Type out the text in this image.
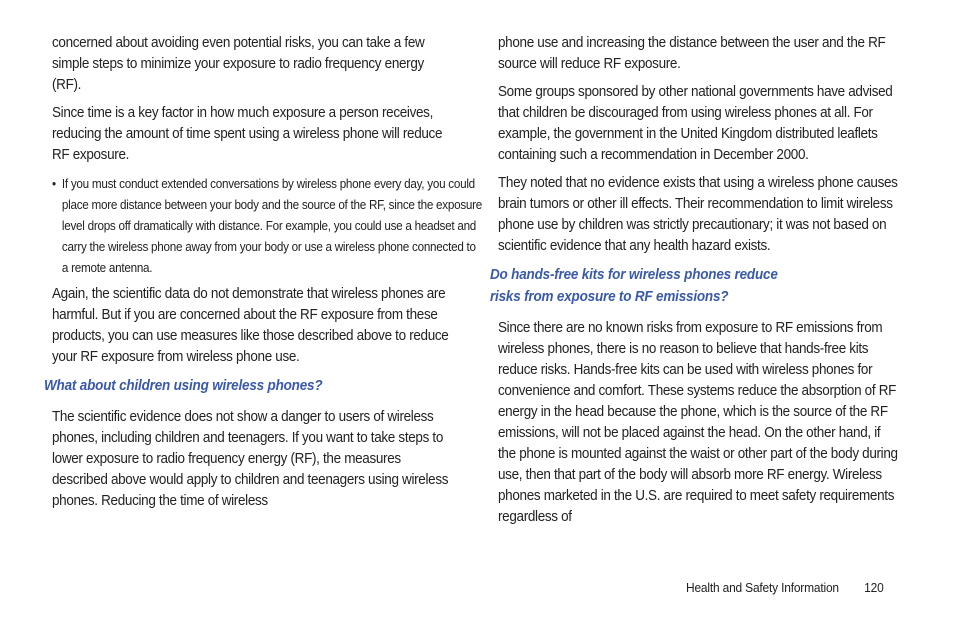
concerned about avoiding even potential risks, you can take a few simple steps to minimize your exposure to radio frequency energy (RF).

Since time is a key factor in how much exposure a person receives, reducing the amount of time spent using a wireless phone will reduce RF exposure.

• If you must conduct extended conversations by wireless phone every day, you could place more distance between your body and the source of the RF, since the exposure level drops off dramatically with distance. For example, you could use a headset and carry the wireless phone away from your body or use a wireless phone connected to a remote antenna.

Again, the scientific data do not demonstrate that wireless phones are harmful. But if you are concerned about the RF exposure from these products, you can use measures like those described above to reduce your RF exposure from wireless phone use.

What about children using wireless phones?

The scientific evidence does not show a danger to users of wireless phones, including children and teenagers. If you want to take steps to lower exposure to radio frequency energy (RF), the measures described above would apply to children and teenagers using wireless phones. Reducing the time of wireless

phone use and increasing the distance between the user and the RF source will reduce RF exposure.

Some groups sponsored by other national governments have advised that children be discouraged from using wireless phones at all. For example, the government in the United Kingdom distributed leaflets containing such a recommendation in December 2000.

They noted that no evidence exists that using a wireless phone causes brain tumors or other ill effects. Their recommendation to limit wireless phone use by children was strictly precautionary; it was not based on scientific evidence that any health hazard exists.

Do hands-free kits for wireless phones reduce
risks from exposure to RF emissions?

Since there are no known risks from exposure to RF emissions from wireless phones, there is no reason to believe that hands-free kits reduce risks. Hands-free kits can be used with wireless phones for convenience and comfort. These systems reduce the absorption of RF energy in the head because the phone, which is the source of the RF emissions, will not be placed against the head. On the other hand, if the phone is mounted against the waist or other part of the body during use, then that part of the body will absorb more RF energy. Wireless phones marketed in the U.S. are required to meet safety requirements regardless of

Health and Safety Information 120
